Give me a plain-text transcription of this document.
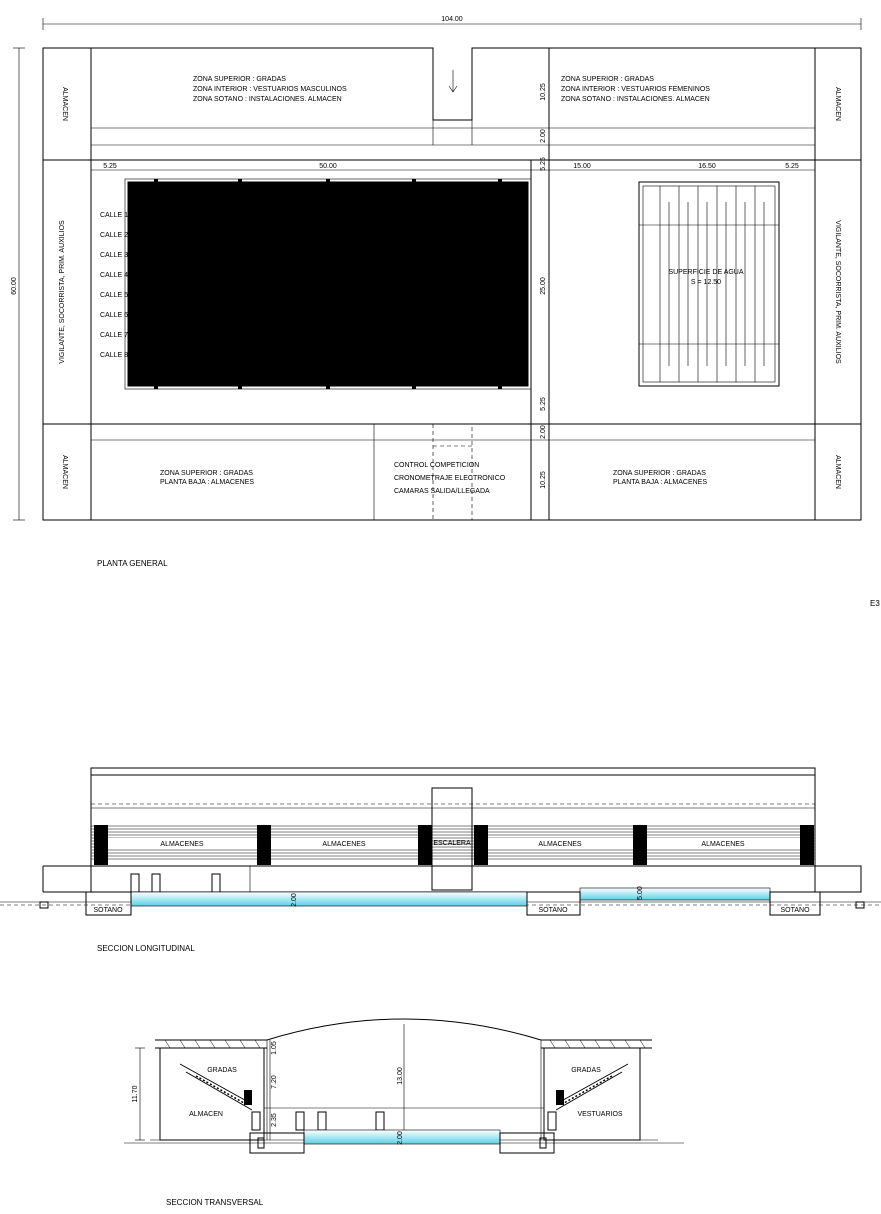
104.00
60.00
ALMACEN	ALMACEN
ALMACEN	ALMACEN
VIGILANTE, SOCORRISTA, PRIM. AUXILIOS	VIGILANTE, SOCORRISTA, PRIM. AUXILIOS
ZONA SUPERIOR : GRADAS
ZONA INTERIOR : VESTUARIOS MASCULINOS
ZONA SOTANO : INSTALACIONES. ALMACEN
ZONA SUPERIOR : GRADAS
ZONA INTERIOR : VESTUARIOS FEMENINOS
ZONA SOTANO : INSTALACIONES. ALMACEN
ZONA SUPERIOR : GRADAS
PLANTA BAJA : ALMACENES
CONTROL COMPETICION
CRONOMETRAJE ELECTRONICO
CAMARAS SALIDA/LLEGADA
ZONA SUPERIOR : GRADAS
PLANTA BAJA : ALMACENES
5.25	50.00	15.00	16.50	5.25
10.25
2.00
5.25
25.00
5.25
2.00
10.25
CALLE 1
CALLE 2
CALLE 3
CALLE 4
CALLE 5
CALLE 6
CALLE 7
CALLE 8
SUPERFICIE DE AGUA
S = 12.50
PLANTA GENERAL
E3
ALMACENES	ALMACENES	ALMACENES	ALMACENES
ESCALERA
2.00
5.00
SOTANO	SOTANO	SOTANO
SECCION LONGITUDINAL
GRADAS	GRADAS
ALMACEN	VESTUARIOS
11.70
1.05
7.20
2.35
13.00
2.00
SECCION TRANSVERSAL
